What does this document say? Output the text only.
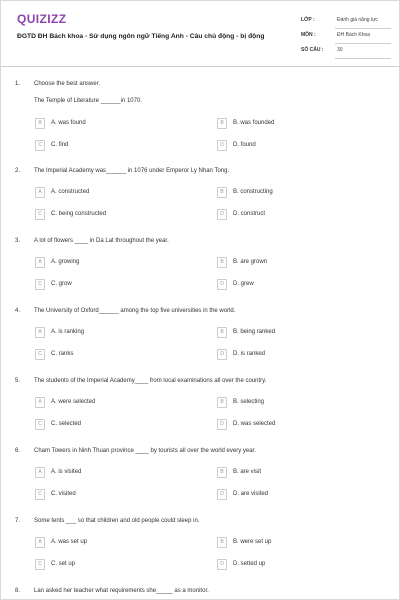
QUIZIZZ
ĐGTD ĐH Bách khoa - Sử dụng ngôn ngữ Tiếng Anh - Câu chủ động - bị động
LỚP :	Đánh giá năng lực
MÔN :	ĐH Bách Khoa
SỐ CÂU :	30
1. Choose the best answer.
The Temple of Literature ______in 1070.
A	A. was found	B	B. was founded
C	C. find	D	D. found
2. The Imperial Academy was______ in 1076 under Emperor Ly Nhan Tong.
A	A. constructed	B	B. constructing
C	C. being constructed	D	D. construct
3. A lot of flowers ____ in Da Lat throughout the year.
A	A. growing	B	B. are grown
C	C. grow	D	D. grew
4. The University of Oxford______ among the top five universities in the world.
A	A. is ranking	B	B. being ranked
C	C. ranks	D	D. is ranked
5. The students of the Imperial Academy____ from local examinations all over the country.
A	A. were selected	B	B. selecting
C	C. selected	D	D. was selected
6. Cham Towers in Ninh Thuan province ____ by tourists all over the world every year.
A	A. is visited	B	B. are visit
C	C. visited	D	D. are visited
7. Some tents ___ so that children and old people could sleep in.
A	A. was set up	B	B. were set up
C	C. set up	D	D. setted up
8. Lan asked her teacher what requirements she_____ as a monitor.
